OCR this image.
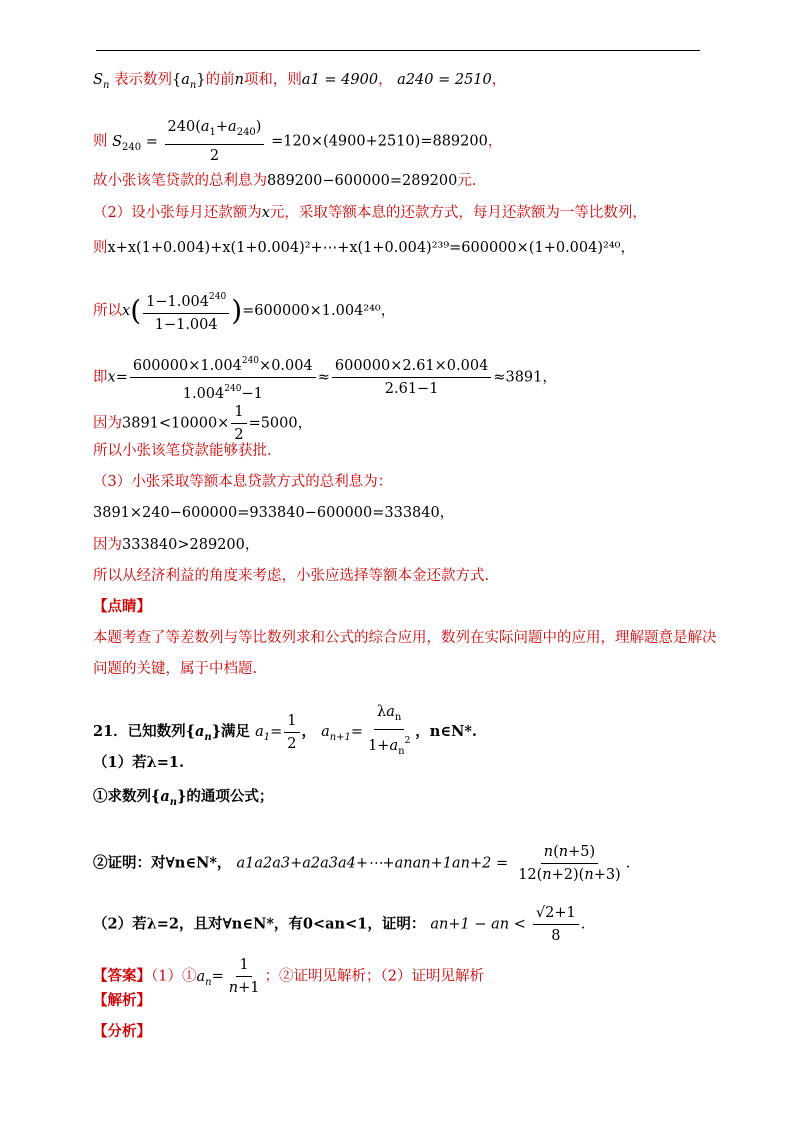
$S_n$ 表示数列$\{a_n\}$的前n项和，则a1 = 4900， a240 = 2510，
则 $S_{240} = \frac{240(a_1+a_{240})}{2} =120\times(4900+2510)=889200$，
故小张该笔贷款的总利息为889200−600000=289200元.
（2）设小张每月还款额为x元，采取等额本息的还款方式，每月还款额为一等比数列，
则x+x(1+0.004)+x(1+0.004)²+⋯+x(1+0.004)²³⁹=600000×(1+0.004)²⁴⁰，
所以$x( \frac{1-1.004^{240}}{1-1.004} )=600000\times 1.004^{240}$，
即$x= \frac{600000\times 1.004^{240}\times 0.004}{1.004^{240}-1} \approx \frac{600000\times 2.61\times 0.004}{2.61-1} \approx 3891$，
因为$3891<10000\times \frac{1}{2} =5000$，
所以小张该笔贷款能够获批.
（3）小张采取等额本息贷款方式的总利息为：
3891×240−600000=933840−600000=333840，
因为333840>289200，
所以从经济利益的角度来考虑，小张应选择等额本金还款方式.
【点睛】
本题考查了等差数列与等比数列求和公式的综合应用，数列在实际问题中的应用，理解题意是解决
问题的关键，属于中档题.
21．已知数列$\{a_n\}$满足 $a_1= \frac{1}{2}$ ， $a_{n+1}= \frac{\lambda a_n}{1+a_n^2}$ ，n∈N*.
（1）若λ=1.
①求数列$\{a_n\}$的通项公式；
②证明：对∀n∈N*， a1a2a3+a2a3a4+⋯+anan+1an+2 = $\frac{n(n+5)}{12(n+2)(n+3)}$ .
（2）若λ=2，且对∀n∈N*，有0<an<1，证明： an+1 − an < $\frac{√2+1}{8}$ .
【答案】$(1)①a_n= \frac{1}{n+1}$ ；②证明见解析；（2）证明见解析
【解析】
【分析】
